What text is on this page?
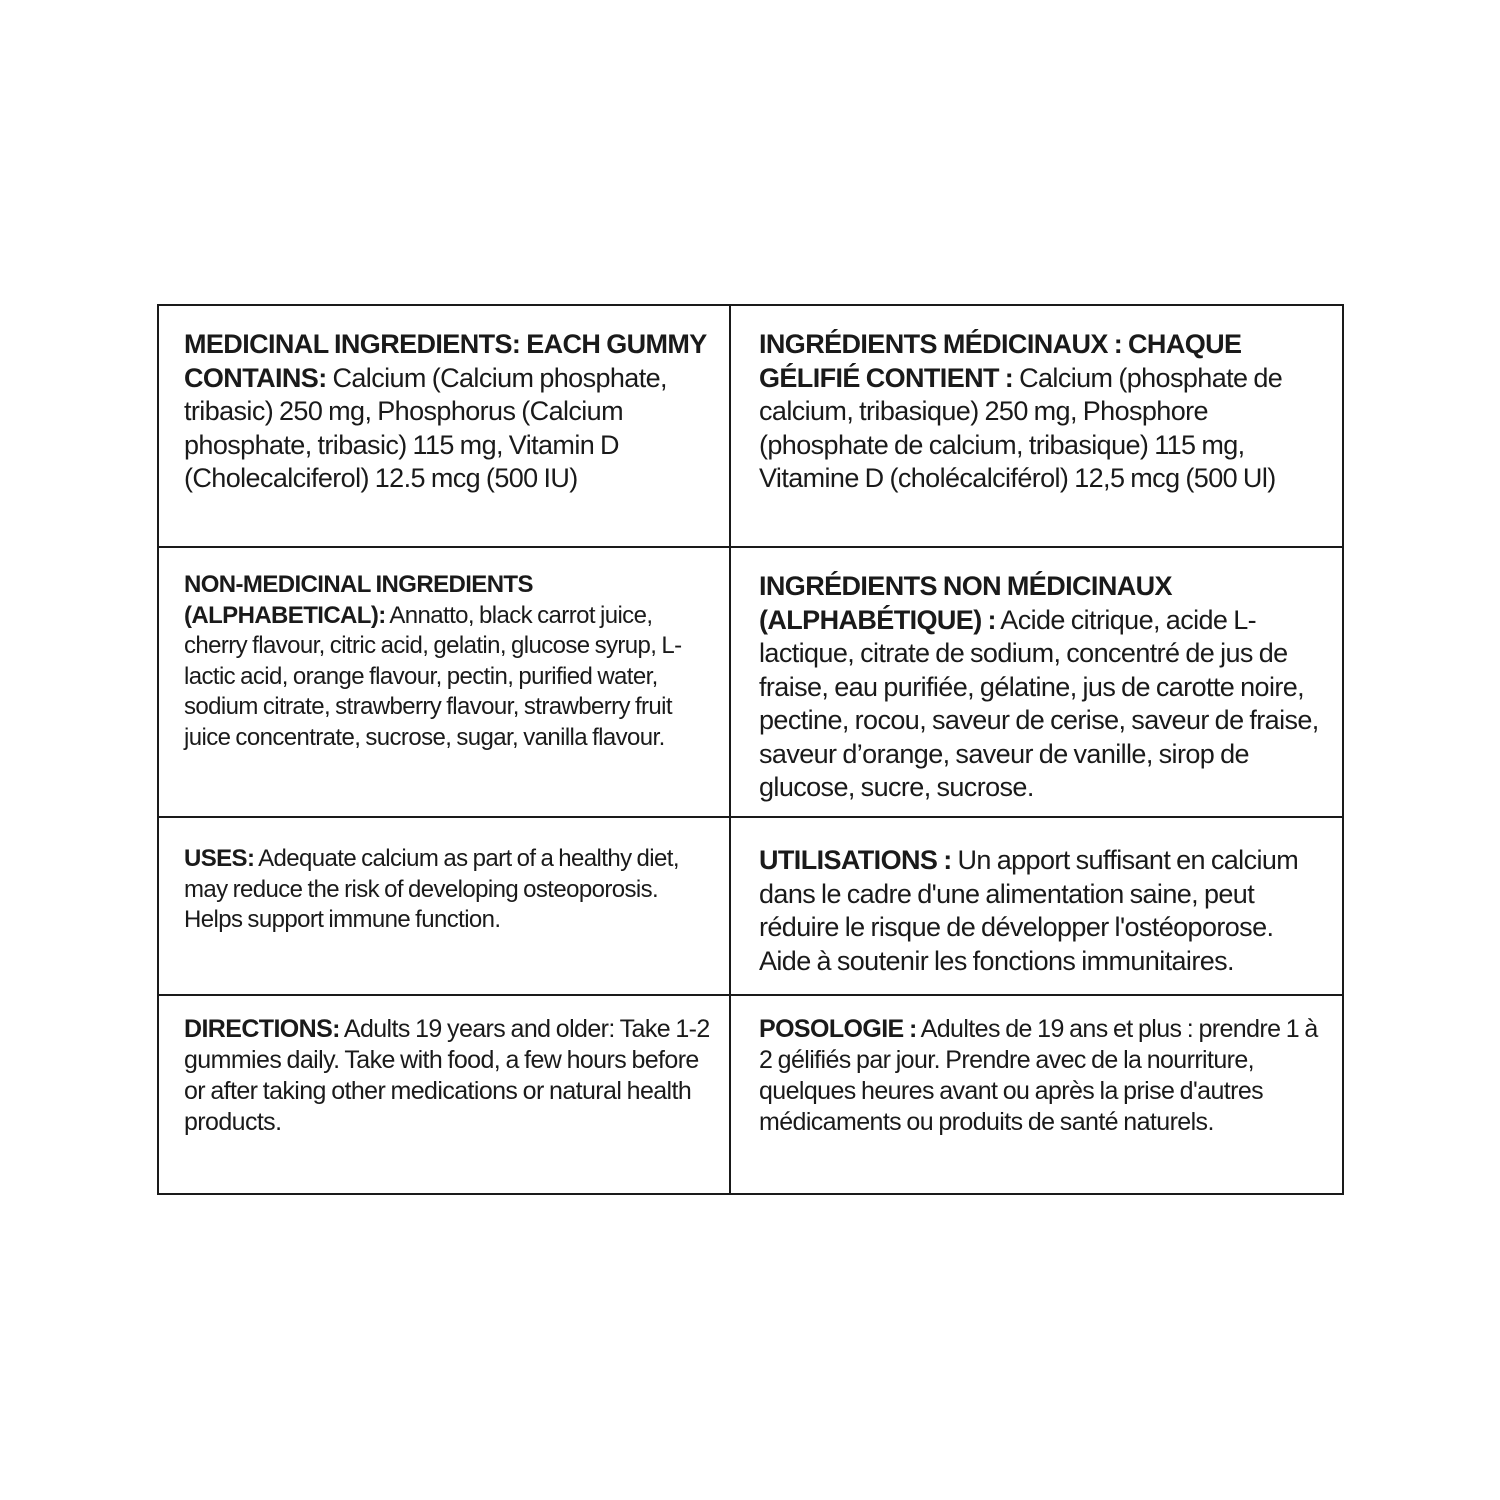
MEDICINAL INGREDIENTS: EACH GUMMY CONTAINS: Calcium (Calcium phosphate, tribasic) 250 mg, Phosphorus (Calcium phosphate, tribasic) 115 mg, Vitamin D (Cholecalciferol) 12.5 mcg (500 IU)

INGRÉDIENTS MÉDICINAUX : CHAQUE GÉLIFIÉ CONTIENT : Calcium (phosphate de calcium, tribasique) 250 mg, Phosphore (phosphate de calcium, tribasique) 115 mg, Vitamine D (cholécalciférol) 12,5 mcg (500 Ul)

NON-MEDICINAL INGREDIENTS (ALPHABETICAL): Annatto, black carrot juice, cherry flavour, citric acid, gelatin, glucose syrup, L-lactic acid, orange flavour, pectin, purified water, sodium citrate, strawberry flavour, strawberry fruit juice concentrate, sucrose, sugar, vanilla flavour.

INGRÉDIENTS NON MÉDICINAUX (ALPHABÉTIQUE) : Acide citrique, acide L-lactique, citrate de sodium, concentré de jus de fraise, eau purifiée, gélatine, jus de carotte noire, pectine, rocou, saveur de cerise, saveur de fraise, saveur d’orange, saveur de vanille, sirop de glucose, sucre, sucrose.

USES: Adequate calcium as part of a healthy diet, may reduce the risk of developing osteoporosis. Helps support immune function.

UTILISATIONS : Un apport suffisant en calcium dans le cadre d'une alimentation saine, peut réduire le risque de développer l'ostéoporose. Aide à soutenir les fonctions immunitaires.

DIRECTIONS: Adults 19 years and older: Take 1-2 gummies daily. Take with food, a few hours before or after taking other medications or natural health products.

POSOLOGIE : Adultes de 19 ans et plus : prendre 1 à 2 gélifiés par jour. Prendre avec de la nourriture, quelques heures avant ou après la prise d'autres médicaments ou produits de santé naturels.
